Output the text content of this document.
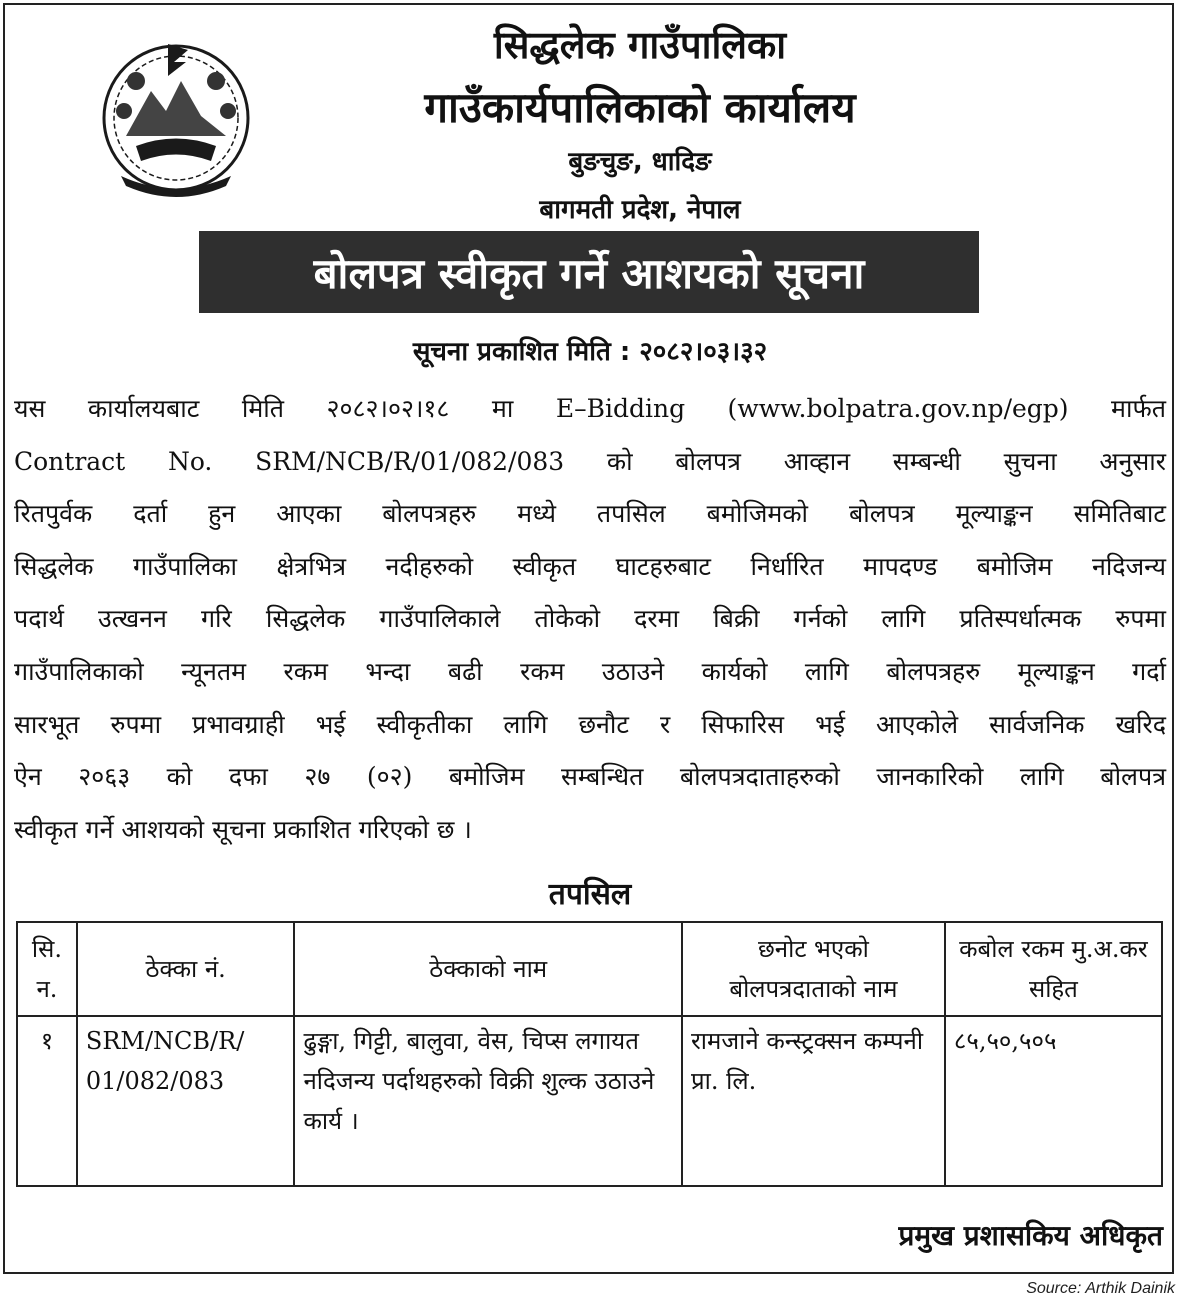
सिद्धलेक गाउँपालिका
गाउँकार्यपालिकाको कार्यालय
बुङचुङ, धादिङ
बागमती प्रदेश, नेपाल
बोलपत्र स्वीकृत गर्ने आशयको सूचना
सूचना प्रकाशित मिति : २०८२।०३।३२
यस कार्यालयबाट मिति २०८२।०२।१८ मा E–Bidding (www.bolpatra.gov.np/egp) मार्फत
Contract No. SRM/NCB/R/01/082/083 को बोलपत्र आव्हान सम्बन्धी सुचना अनुसार
रितपुर्वक दर्ता हुन आएका बोलपत्रहरु मध्ये तपसिल बमोजिमको बोलपत्र मूल्याङ्कन समितिबाट
सिद्धलेक गाउँपालिका क्षेत्रभित्र नदीहरुको स्वीकृत घाटहरुबाट निर्धारित मापदण्ड बमोजिम नदिजन्य
पदार्थ उत्खनन गरि सिद्धलेक गाउँपालिकाले तोकेको दरमा बिक्री गर्नको लागि प्रतिस्पर्धात्मक रुपमा
गाउँपालिकाको न्यूनतम रकम भन्दा बढी रकम उठाउने कार्यको लागि बोलपत्रहरु मूल्याङ्कन गर्दा
सारभूत रुपमा प्रभावग्राही भई स्वीकृतीका लागि छनौट र सिफारिस भई आएकोले सार्वजनिक खरिद
ऐन २०६३ को दफा २७ (०२) बमोजिम सम्बन्धित बोलपत्रदाताहरुको जानकारिको लागि बोलपत्र
स्वीकृत गर्ने आशयको सूचना प्रकाशित गरिएको छ ।
तपसिल
सि. न.	ठेक्का नं.	ठेक्काको नाम	छनोट भएको बोलपत्रदाताको नाम	कबोल रकम मु.अ.कर सहित
१	SRM/NCB/R/ 01/082/083	ढुङ्गा, गिट्टी, बालुवा, वेस, चिप्स लगायत नदिजन्य पर्दाथहरुको विक्री शुल्क उठाउने कार्य ।	रामजाने कन्स्ट्रक्सन कम्पनी प्रा. लि.	८५,५०,५०५
प्रमुख प्रशासकिय अधिकृत
Source: Arthik Dainik
